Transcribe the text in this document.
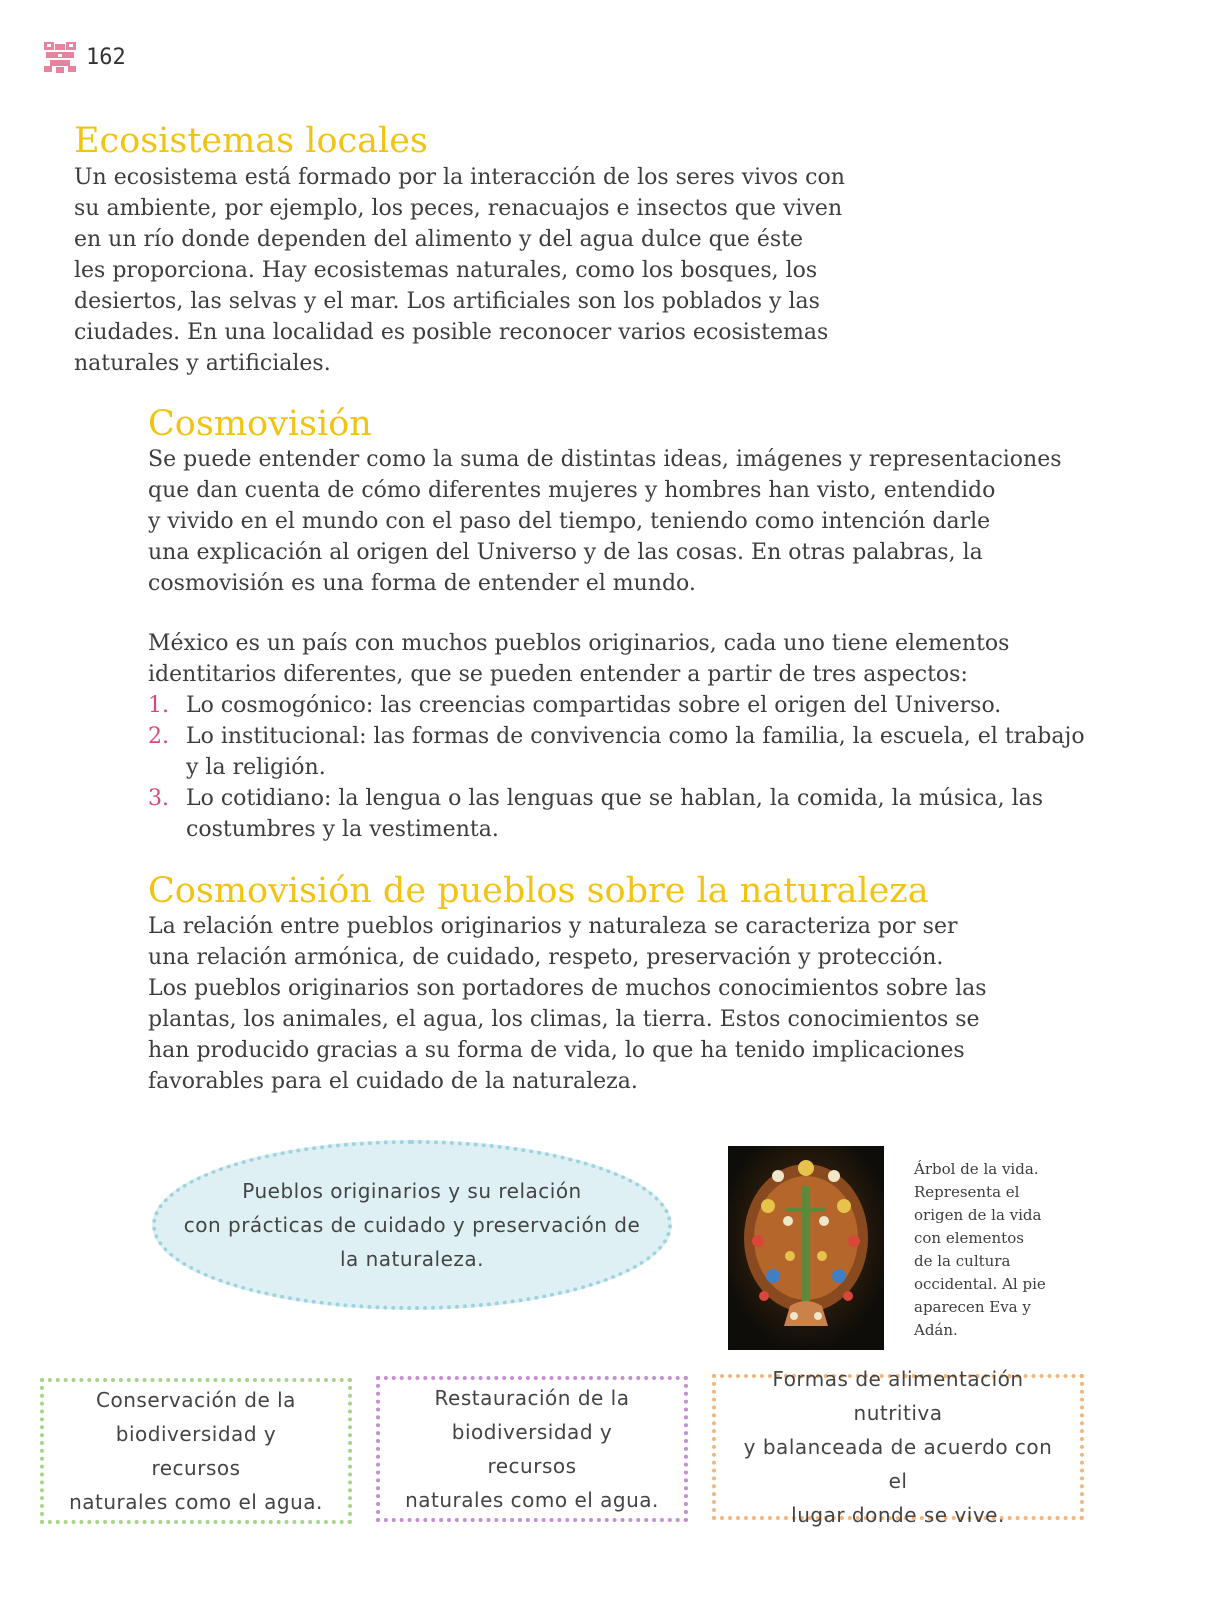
162
Ecosistemas locales
Un ecosistema está formado por la interacción de los seres vivos con
su ambiente, por ejemplo, los peces, renacuajos e insectos que viven
en un río donde dependen del alimento y del agua dulce que éste
les proporciona. Hay ecosistemas naturales, como los bosques, los
desiertos, las selvas y el mar. Los artificiales son los poblados y las
ciudades. En una localidad es posible reconocer varios ecosistemas
naturales y artificiales.
Cosmovisión
Se puede entender como la suma de distintas ideas, imágenes y representaciones
que dan cuenta de cómo diferentes mujeres y hombres han visto, entendido
y vivido en el mundo con el paso del tiempo, teniendo como intención darle
una explicación al origen del Universo y de las cosas. En otras palabras, la
cosmovisión es una forma de entender el mundo.
México es un país con muchos pueblos originarios, cada uno tiene elementos
identitarios diferentes, que se pueden entender a partir de tres aspectos:
1. Lo cosmogónico: las creencias compartidas sobre el origen del Universo.
2. Lo institucional: las formas de convivencia como la familia, la escuela, el trabajo
y la religión.
3. Lo cotidiano: la lengua o las lenguas que se hablan, la comida, la música, las
costumbres y la vestimenta.
Cosmovisión de pueblos sobre la naturaleza
La relación entre pueblos originarios y naturaleza se caracteriza por ser
una relación armónica, de cuidado, respeto, preservación y protección.
Los pueblos originarios son portadores de muchos conocimientos sobre las
plantas, los animales, el agua, los climas, la tierra. Estos conocimientos se
han producido gracias a su forma de vida, lo que ha tenido implicaciones
favorables para el cuidado de la naturaleza.
Pueblos originarios y su relación
con prácticas de cuidado y preservación de
la naturaleza.
Árbol de la vida.
Representa el
origen de la vida
con elementos
de la cultura
occidental. Al pie
aparecen Eva y
Adán.
Conservación de la
biodiversidad y recursos
naturales como el agua.
Restauración de la
biodiversidad y recursos
naturales como el agua.
Formas de alimentación nutritiva
y balanceada de acuerdo con el
lugar donde se vive.
